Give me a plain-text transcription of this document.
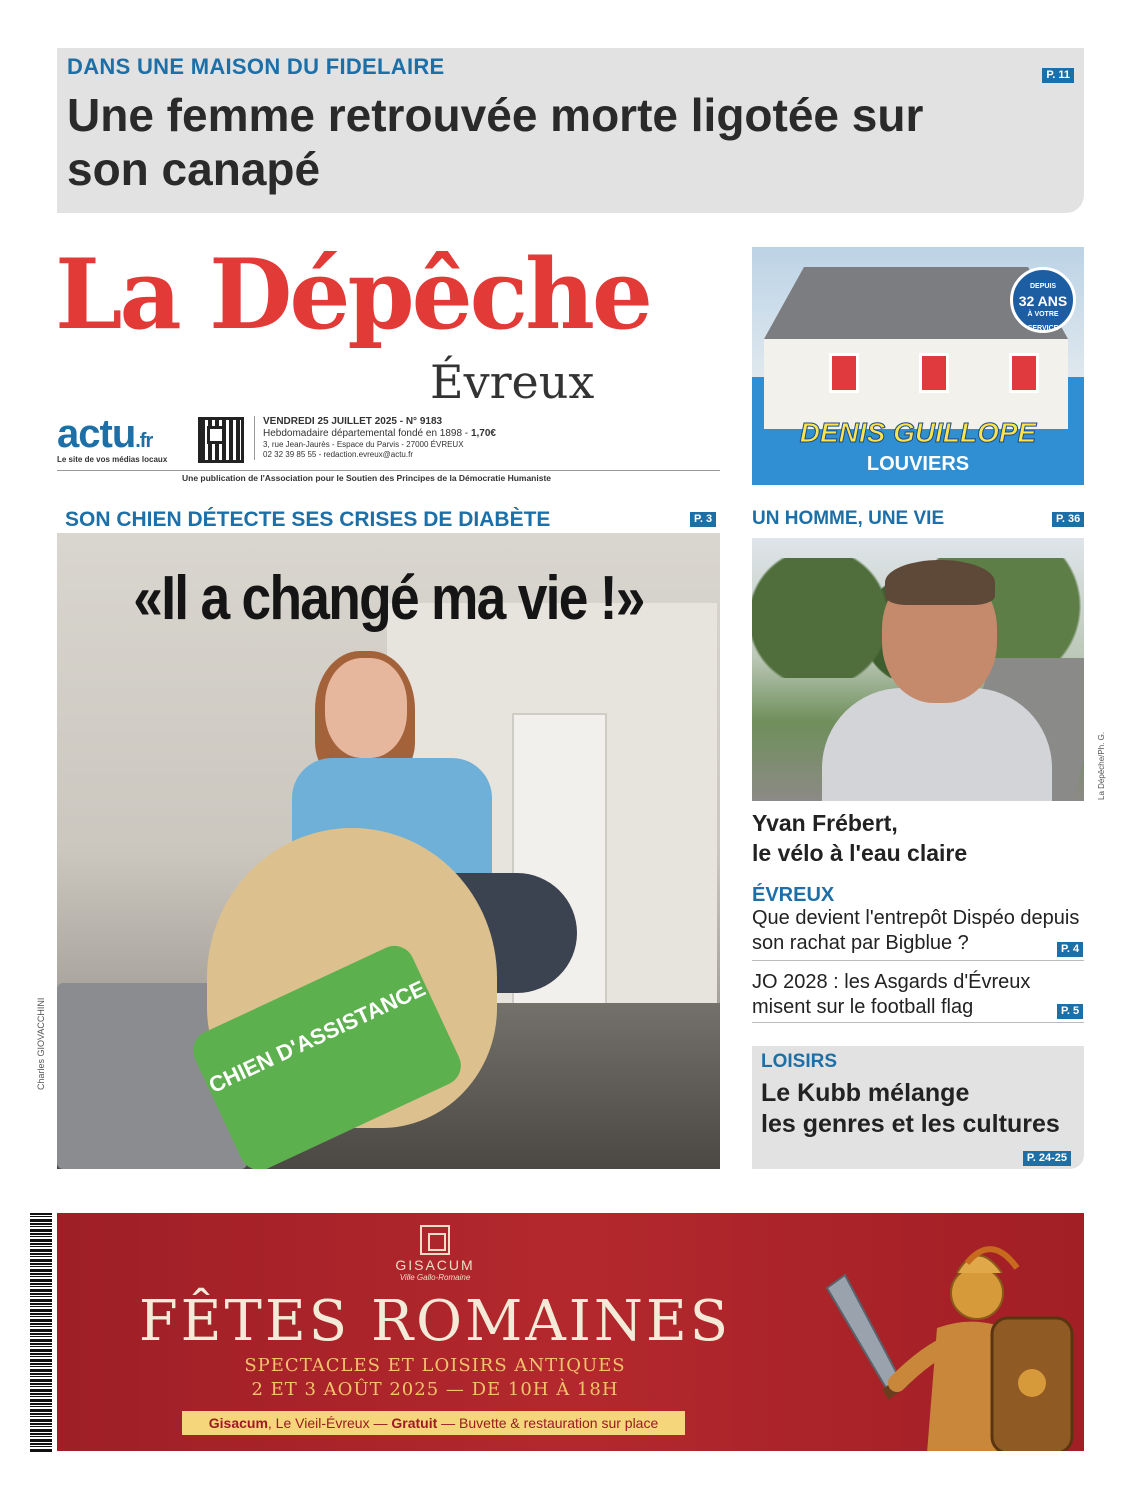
DANS UNE MAISON DU FIDELAIRE
Une femme retrouvée morte ligotée sur son canapé
P. 11
La Dépêche
Évreux
actu.fr
Le site de vos médias locaux
VENDREDI 25 JUILLET 2025 - N° 9183
Hebdomadaire départemental fondé en 1898 - 1,70€
3, rue Jean-Jaurès - Espace du Parvis - 27000 ÉVREUX
02 32 39 85 55 - redaction.evreux@actu.fr
Une publication de l'Association pour le Soutien des Principes de la Démocratie Humaniste
DEPUIS
32 ANS
À VOTRE SERVICE
DENIS GUILLOPE
LOUVIERS
SON CHIEN DÉTECTE SES CRISES DE DIABÈTE	P. 3
CHIEN D'ASSISTANCE
«Il a changé ma vie !»
Charles GIOVACCHINI
UN HOMME, UNE VIE	P. 36
La Dépêche/Ph. G.
Yvan Frébert,
le vélo à l'eau claire
ÉVREUX
Que devient l'entrepôt Dispéo depuis son rachat par Bigblue ?	P. 4
JO 2028 : les Asgards d'Évreux misent sur le football flag	P. 5
LOISIRS
Le Kubb mélange
les genres et les cultures
P. 24-25
GISACUM
Ville Gallo-Romaine
FÊTES ROMAINES
SPECTACLES ET LOISIRS ANTIQUES
2 ET 3 AOÛT 2025 — DE 10H À 18H
Gisacum, Le Vieil-Évreux — Gratuit — Buvette & restauration sur place
